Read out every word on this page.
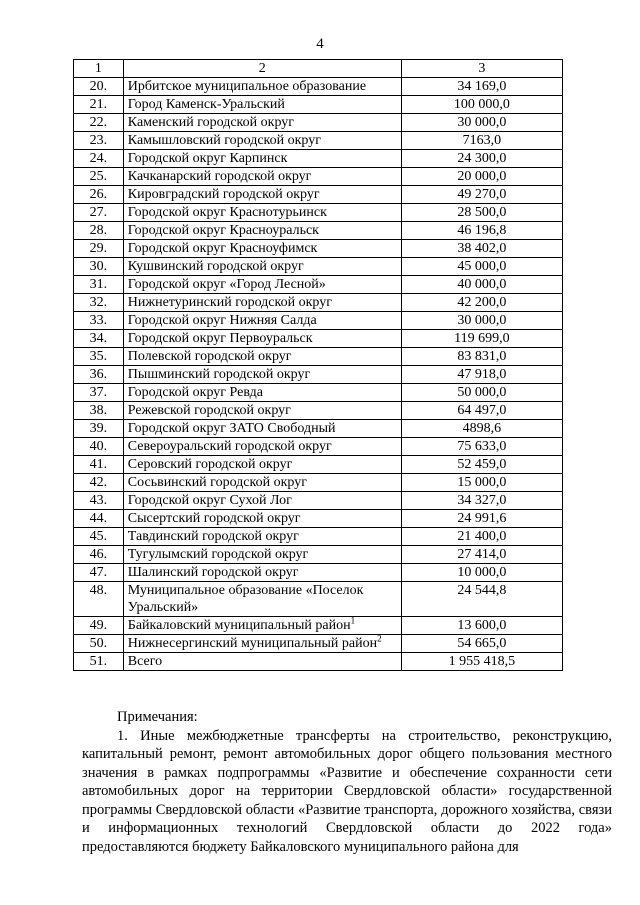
4
1	2	3
20.	Ирбитское муниципальное образование	34 169,0
21.	Город Каменск-Уральский	100 000,0
22.	Каменский городской округ	30 000,0
23.	Камышловский городской округ	7163,0
24.	Городской округ Карпинск	24 300,0
25.	Качканарский городской округ	20 000,0
26.	Кировградский городской округ	49 270,0
27.	Городской округ Краснотурьинск	28 500,0
28.	Городской округ Красноуральск	46 196,8
29.	Городской округ Красноуфимск	38 402,0
30.	Кушвинский городской округ	45 000,0
31.	Городской округ «Город Лесной»	40 000,0
32.	Нижнетуринский городской округ	42 200,0
33.	Городской округ Нижняя Салда	30 000,0
34.	Городской округ Первоуральск	119 699,0
35.	Полевской городской округ	83 831,0
36.	Пышминский городской округ	47 918,0
37.	Городской округ Ревда	50 000,0
38.	Режевской городской округ	64 497,0
39.	Городской округ ЗАТО Свободный	4898,6
40.	Североуральский городской округ	75 633,0
41.	Серовский городской округ	52 459,0
42.	Сосьвинский городской округ	15 000,0
43.	Городской округ Сухой Лог	34 327,0
44.	Сысертский городской округ	24 991,6
45.	Тавдинский городской округ	21 400,0
46.	Тугулымский городской округ	27 414,0
47.	Шалинский городской округ	10 000,0
48.	Муниципальное образование «Поселок Уральский»	24 544,8
49.	Байкаловский муниципальный район$^1$	13 600,0
50.	Нижнесергинский муниципальный район$^2$	54 665,0
51.	Всего	1 955 418,5
Примечания:
1. Иные межбюджетные трансферты на строительство, реконструкцию, капитальный ремонт, ремонт автомобильных дорог общего пользования местного значения в рамках подпрограммы «Развитие и обеспечение сохранности сети автомобильных дорог на территории Свердловской области» государственной программы Свердловской области «Развитие транспорта, дорожного хозяйства, связи и информационных технологий Свердловской области до 2022 года» предоставляются бюджету Байкаловского муниципального района для
